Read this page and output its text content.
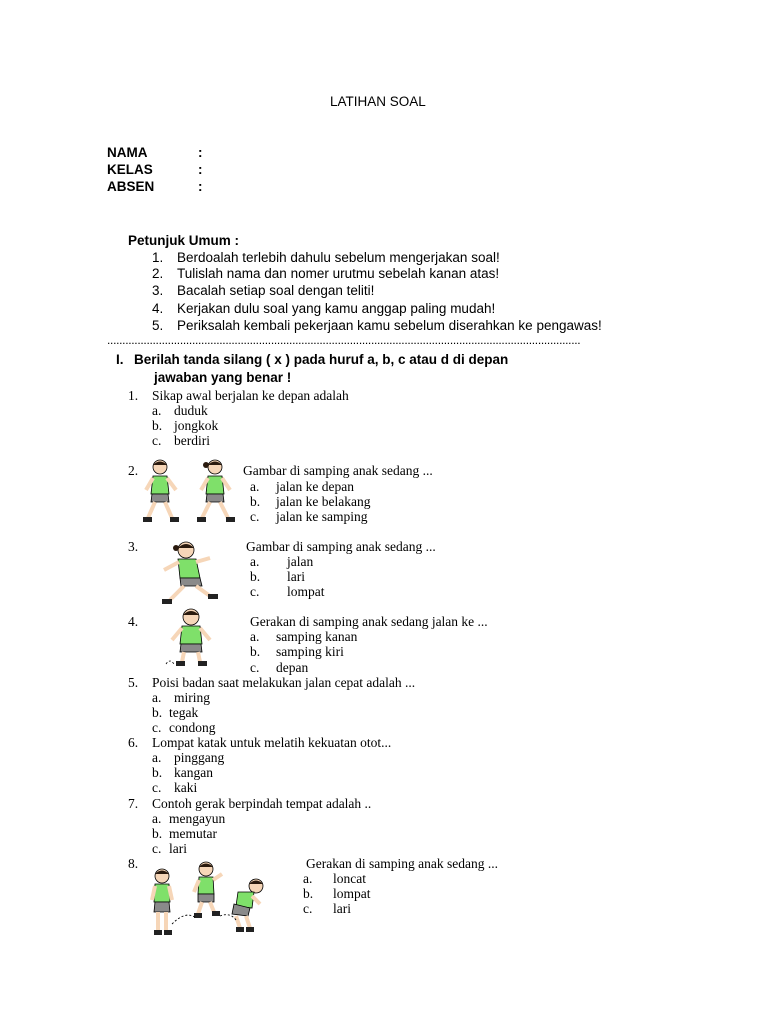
LATIHAN SOAL
NAMA	:
KELAS	:
ABSEN	:
Petunjuk Umum :
1. Berdoalah terlebih dahulu sebelum mengerjakan soal!
2. Tulislah nama dan nomer urutmu sebelah kanan atas!
3. Bacalah setiap soal dengan teliti!
4. Kerjakan dulu soal yang kamu anggap paling mudah!
5. Periksalah kembali pekerjaan kamu sebelum diserahkan ke pengawas!
............................................................................................................................................................
I. Berilah tanda silang ( x ) pada huruf a, b, c atau d di depan
jawaban yang benar !
1. Sikap awal berjalan ke depan adalah
a. duduk
b. jongkok
c. berdiri
2.	Gambar di samping anak sedang ...
a. jalan ke depan
b. jalan ke belakang
c. jalan ke samping
3.	Gambar di samping anak sedang ...
a. jalan
b. lari
c. lompat
4.	Gerakan di samping anak sedang jalan ke ...
a. samping kanan
b. samping kiri
c. depan
5. Poisi badan saat melakukan jalan cepat adalah ...
a. miring
b. tegak
c. condong
6. Lompat katak untuk melatih kekuatan otot...
a. pinggang
b. kangan
c. kaki
7. Contoh gerak berpindah tempat adalah ..
a. mengayun
b. memutar
c. lari
8.	Gerakan di samping anak sedang ...
a. loncat
b. lompat
c. lari
